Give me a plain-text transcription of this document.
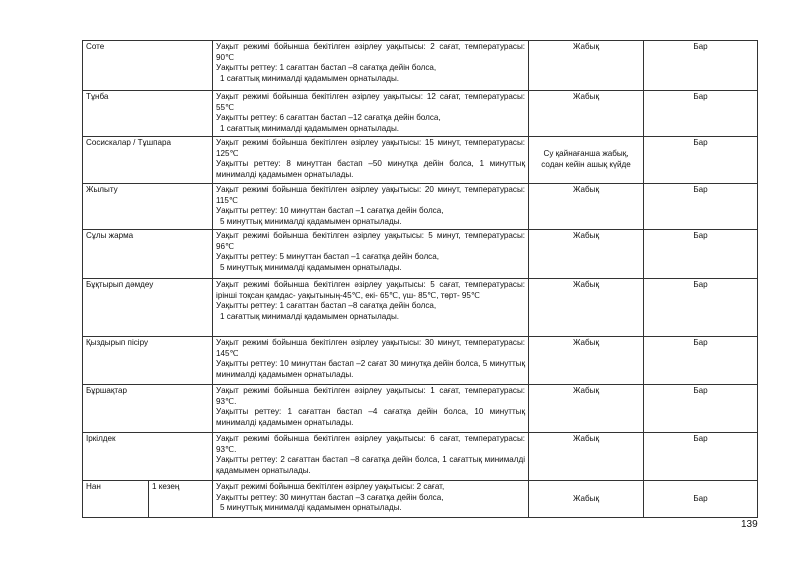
Соте		Уақыт режимі бойынша бекітілген әзірлеу уақытысы: 2 сағат, температурасы: 90℃

Уақытты реттеу: 1 сағаттан бастап –8 сағатқа дейін болса,

1 сағаттық минималді қадамымен орнатылады.	Жабық	Бар
Тұнба		Уақыт режимі бойынша бекітілген әзірлеу уақытысы: 12 сағат, температурасы: 55℃

Уақытты реттеу: 6 сағаттан бастап –12 сағатқа дейін болса,

1 сағаттық минималді қадамымен орнатылады.	Жабық	Бар
Сосискалар / Тұшпара		Уақыт режимі бойынша бекітілген әзірлеу уақытысы: 15 минут, температурасы: 125℃

Уақытты реттеу: 8 минуттан бастап –50 минутқа дейін болса, 1 минуттық минималді қадамымен орнатылады.	Су қайнағанша жабық, содан кейін ашық күйде	Бар
Жылыту		Уақыт режимі бойынша бекітілген әзірлеу уақытысы: 20 минут, температурасы: 115℃

Уақытты реттеу: 10 минуттан бастап –1 сағатқа дейін болса,

5 минуттық минималді қадамымен орнатылады.	Жабық	Бар
Сұлы жарма		Уақыт режимі бойынша бекітілген әзірлеу уақытысы: 5 минут, температурасы: 96℃

Уақытты реттеу: 5 минуттан бастап –1 сағатқа дейін болса,

5 минуттық минималді қадамымен орнатылады.	Жабық	Бар
Бұқтырып дәмдеу		Уақыт режимі бойынша бекітілген әзірлеу уақытысы: 5 сағат, температурасы: ірінші тоқсан қамдас- уақытының-45℃, екі- 65℃, үш- 85℃, төрт- 95℃

Уақытты реттеу: 1 сағаттан бастап –8 сағатқа дейін болса,

1 сағаттық минималді қадамымен орнатылады.	Жабық	Бар
Қыздырып пісіру		Уақыт режимі бойынша бекітілген әзірлеу уақытысы: 30 минут, температурасы: 145℃

Уақытты реттеу: 10 минуттан бастап –2 сағат 30 минутқа дейін болса, 5 минуттық минималді қадамымен орнатылады.	Жабық	Бар
Бұршақтар		Уақыт режимі бойынша бекітілген әзірлеу уақытысы: 1 сағат, температурасы: 93℃.

Уақытты реттеу: 1 сағаттан бастап –4 сағатқа дейін болса, 10 минуттық минималді қадамымен орнатылады.	Жабық	Бар
Іркілдек		Уақыт режимі бойынша бекітілген әзірлеу уақытысы: 6 сағат, температурасы: 93℃.

Уақытты реттеу: 2 сағаттан бастап –8 сағатқа дейін болса, 1 сағаттық минималді қадамымен орнатылады.	Жабық	Бар
Нан	1 кезең	Уақыт режимі бойынша бекітілген әзірлеу уақытысы: 2 сағат,

Уақытты реттеу: 30 минуттан бастап –3 сағатқа дейін болса,

5 минуттық минималді қадамымен орнатылады.	Жабық	Бар
139
